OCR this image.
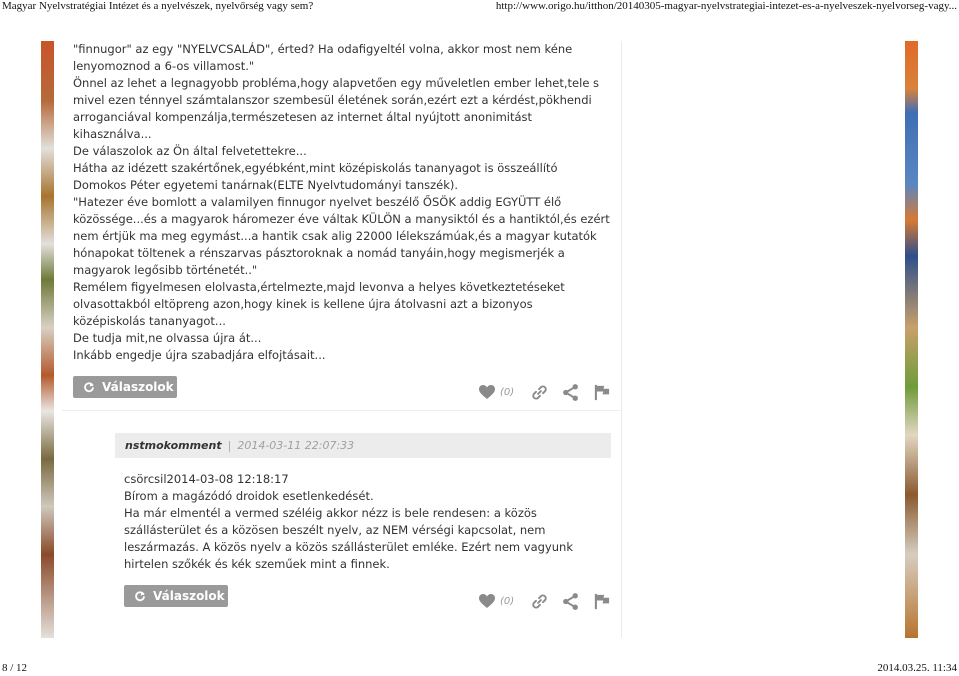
Magyar Nyelvstratégiai Intézet és a nyelvészek, nyelvőrség vagy sem?	http://www.origo.hu/itthon/20140305-magyar-nyelvstrategiai-intezet-es-a-nyelveszek-nyelvorseg-vagy...
"finnugor" az egy "NYELVCSALÁD", érted? Ha odafigyeltél volna, akkor most nem kéne
lenyomoznod a 6-os villamost."
Önnel az lehet a legnagyobb probléma,hogy alapvetően egy műveletlen ember lehet,tele s
mivel ezen ténnyel számtalanszor szembesül életének során,ezért ezt a kérdést,pökhendi
arroganciával kompenzálja,természetesen az internet által nyújtott anonimitást
kihasználva...
De válaszolok az Ön által felvetettekre...
Hátha az idézett szakértőnek,egyébként,mint középiskolás tananyagot is összeállító
Domokos Péter egyetemi tanárnak(ELTE Nyelvtudományi tanszék).
"Hatezer éve bomlott a valamilyen finnugor nyelvet beszélő ŐSÖK addig EGYÜTT élő
közössége...és a magyarok háromezer éve váltak KÜLÖN a manysiktól és a hantiktól,és ezért
nem értjük ma meg egymást...a hantik csak alig 22000 lélekszámúak,és a magyar kutatók
hónapokat töltenek a rénszarvas pásztoroknak a nomád tanyáin,hogy megismerjék a
magyarok legősibb történetét.."
Remélem figyelmesen elolvasta,értelmezte,majd levonva a helyes következtetéseket
olvasottakból eltöpreng azon,hogy kinek is kellene újra átolvasni azt a bizonyos
középiskolás tananyagot...
De tudja mit,ne olvassa újra át...
Inkább engedje újra szabadjára elfojtásait...
Válaszolok	(0)
nstmokomment | 2014-03-11 22:07:33
csörcsil2014-03-08 12:18:17
Bírom a magázódó droidok esetlenkedését.
Ha már elmentél a vermed széléig akkor nézz is bele rendesen: a közös
szállásterület és a közösen beszélt nyelv, az NEM vérségi kapcsolat, nem
leszármazás. A közös nyelv a közös szállásterület emléke. Ezért nem vagyunk
hirtelen szőkék és kék szeműek mint a finnek.
Válaszolok	(0)
8 / 12	2014.03.25. 11:34
